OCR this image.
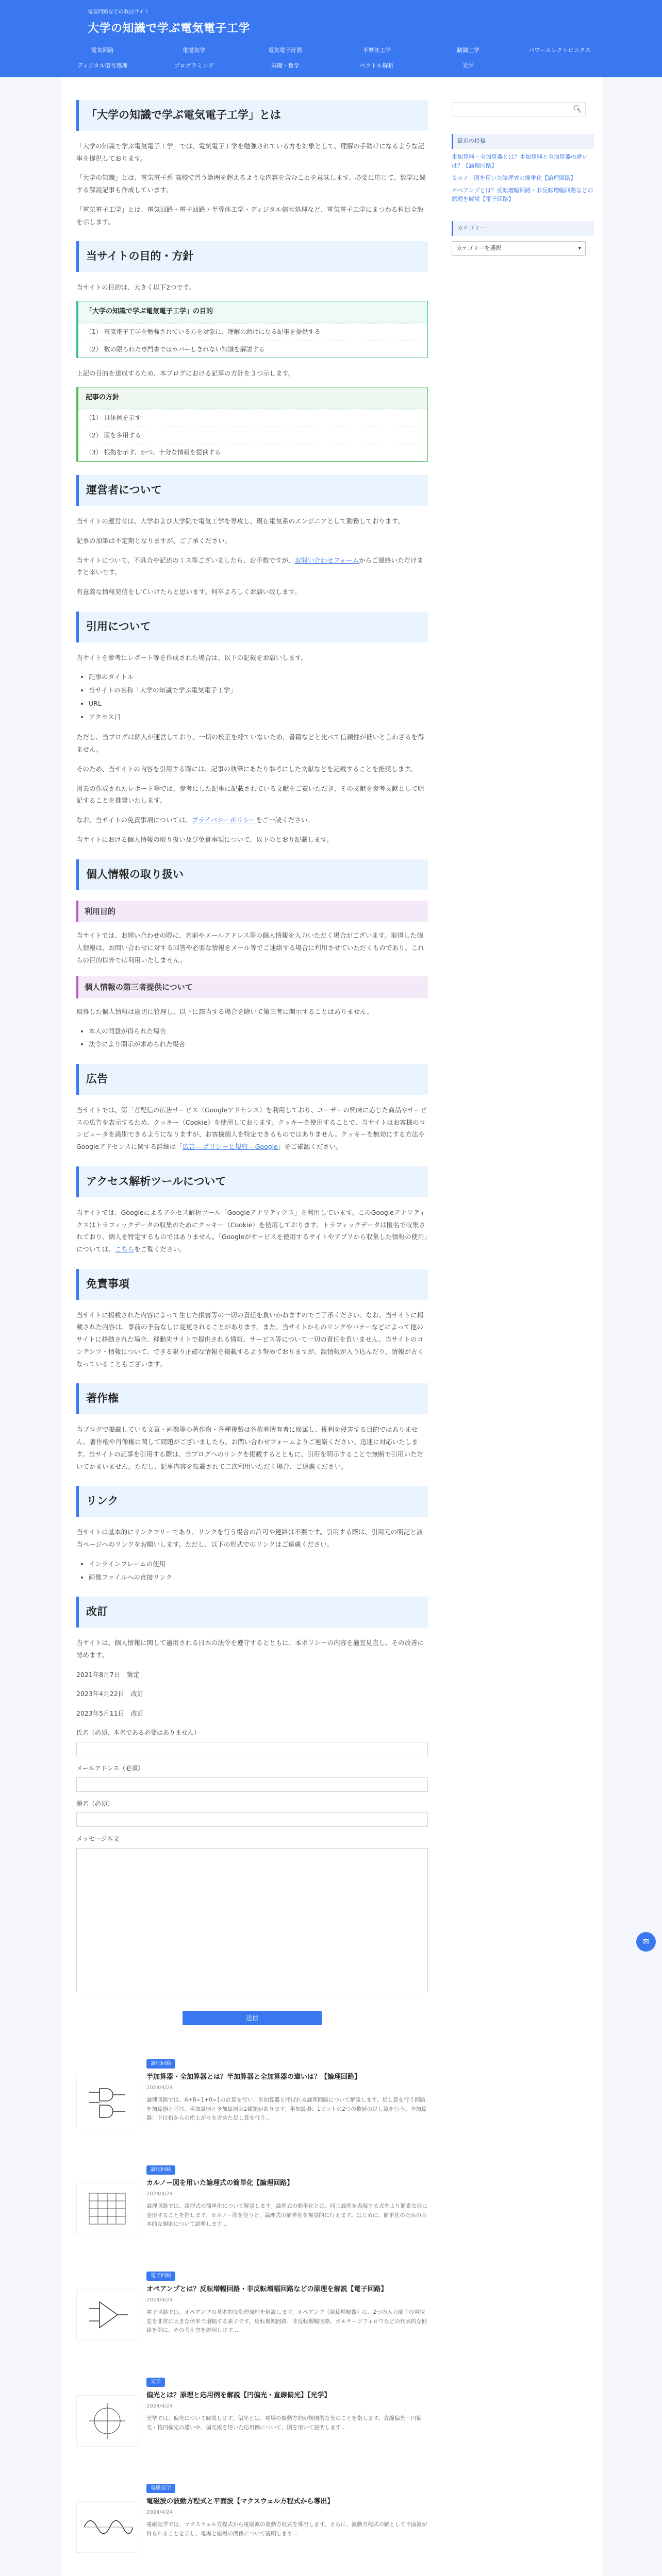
電気回路などの教技サイト
大学の知識で学ぶ電気電子工学
電気回路	電磁気学	電気電子計測	半導体工学	制御工学	パワーエレクトロニクス
ディジタル信号処理	プログラミング	基礎・数学	ベクトル解析	光学
「大学の知識で学ぶ電気電子工学」とは

「大学の知識で学ぶ電気電子工学」では、電気電子工学を勉強されている方を対象として、理解の手助けになるような記事を提供しております。

「大学の知識」とは、電気電子系 高校で習う範囲を超えるような内容を含むことを意味します。必要に応じて、数学に関する解説記事も作成しています。

「電気電子工学」とは、電気回路・電子回路・半導体工学・ディジタル信号処理など、電気電子工学にまつわる科目全般を示します。

当サイトの目的・方針

当サイトの目的は、大きく以下2つです。

「大学の知識で学ぶ電気電子工学」の目的
（1） 電気電子工学を勉強されている方を対象に、理解の助けになる記事を提供する
（2） 数の限られた専門書ではカバーしきれない知識を解説する

上記の目的を達成するため、本ブログにおける記事の方針を３つ示します。

記事の方針
（1） 具体例を示す
（2） 図を多用する
（3） 根拠を示す、かつ、十分な情報を提供する
運営者について

当サイトの運営者は、大学および大学院で電気工学を専攻し、現在電気系のエンジニアとして勤務しております。

記事の加筆は不定期となりますが、ご了承ください。

当サイトについて、不具合や記述のミス等ございましたら、お手数ですが、お問い合わせフォームからご連絡いただけますと幸いです。

有意義な情報発信をしていけたらと思います。何卒よろしくお願い致します。

引用について

当サイトを参考にレポート等を作成された場合は、以下の記載をお願いします。

• 記事のタイトル
• 当サイトの名称「大学の知識で学ぶ電気電子工学」
• URL
• アクセス日

ただし、当ブログは個人が運営しており、一切の校正を経ていないため、書籍などと比べて信頼性が低いと言わざるを得ません。

そのため、当サイトの内容を引用する際には、記事の執筆にあたり参考にした文献などを記載することを推奨します。

図表の作成されたレポート等では、参考にした記事に記載されている文献をご覧いただき、その文献を参考文献として明記することを推奨いたします。

なお、当サイトの免責事項については、プライバシーポリシーをご一読ください。

当サイトにおける個人情報の取り扱い及び免責事項について、以下のとおり記載します。

個人情報の取り扱い
利用目的

当サイトでは、お問い合わせの際に、名前やメールアドレス等の個人情報を入力いただく場合がございます。取得した個人情報は、お問い合わせに対する回答や必要な情報をメール等でご連絡する場合に利用させていただくものであり、これらの目的以外では利用いたしません。

個人情報の第三者提供について

取得した個人情報は適切に管理し、以下に該当する場合を除いて第三者に開示することはありません。

• 本人の同意が得られた場合
• 法令により開示が求められた場合
広告

当サイトでは、第三者配信の広告サービス（Googleアドセンス）を利用しており、ユーザーの興味に応じた商品やサービスの広告を表示するため、クッキー（Cookie）を使用しております。クッキーを使用することで、当サイトはお客様のコンピュータを識別できるようになりますが、お客様個人を特定できるものではありません。クッキーを無効にする方法やGoogleアドセンスに関する詳細は「広告 – ポリシーと規約 – Google」をご確認ください。

アクセス解析ツールについて

当サイトでは、Googleによるアクセス解析ツール「Googleアナリティクス」を利用しています。このGoogleアナリティクスはトラフィックデータの収集のためにクッキー（Cookie）を使用しております。トラフィックデータは匿名で収集されており、個人を特定するものではありません。「Googleがサービスを使用するサイトやアプリから収集した情報の使用」については、こちらをご覧ください。

免責事項

当サイトに掲載された内容によって生じた損害等の一切の責任を負いかねますのでご了承ください。なお、当サイトに掲載された内容は、事前の予告なしに変更されることがあります。また、当サイトからのリンクやバナーなどによって他のサイトに移動された場合、移動先サイトで提供される情報、サービス等について一切の責任を負いません。当サイトのコンテンツ・情報について、できる限り正確な情報を掲載するよう努めておりますが、誤情報が入り込んだり、情報が古くなっていることもございます。

著作権

当ブログで掲載している文章・画像等の著作物・各種複製は各権利所有者に帰属し、権利を侵害する目的ではありません。著作権や肖像権に関して問題がございましたら、お問い合わせフォームよりご連絡ください。迅速に対応いたします。当サイトの記事を引用する際は、当ブログへのリンクを掲載するとともに、引用を明示することで無断で引用いただいてかまいません。ただし、記事内容を転載されて二次利用いただく場合、ご遠慮ください。

リンク

当サイトは基本的にリンクフリーであり、リンクを行う場合の許可や連絡は不要です。引用する際は、引用元の明記と該当ページへのリンクをお願いします。ただし、以下の形式でのリンクはご遠慮ください。

• インラインフレームの使用
• 画像ファイルへの直接リンク
改訂

当サイトは、個人情報に関して適用される日本の法令を遵守するとともに、本ポリシーの内容を適宜見直し、その改善に努めます。

2021年8月7日　策定

2023年4月22日　改訂

2023年5月11日　改訂

氏名（必須、本名である必要はありません）
メールアドレス（必須）
題名（必須）
メッセージ本文
送信
論理回路
半加算器・全加算器とは？半加算器と全加算器の違いは？【論理回路】
2024/4/24
論理回路では、A+B=1+0=1の計算を行い、半加算器と呼ばれる論理回路について解説します。足し算を行う回路を加算器と呼び、半加算器と全加算器の2種類があります。半加算器：1ビットの2つの数値の足し算を行う。全加算器：下位桁からの桁上がりを含めた足し算を行う...
論理回路
カルノー図を用いた論理式の簡単化【論理回路】
2024/4/24
論理回路では、論理式の簡単化について解説します。論理式の簡単化とは、同じ論理を表現する式をより簡素な形に変形することを指します。カルノー図を使うと、論理式の簡単化を視覚的に行えます。はじめに、簡単化のための基本的な規則について説明します...
電子回路
オペアンプとは？反転増幅回路・非反転増幅回路などの原理を解説【電子回路】
2024/4/24
電子回路では、オペアンプの基本的な動作原理を解説します。オペアンプ（演算増幅器）は、2つの入力端子の電位差を非常に大きな倍率で増幅する素子です。反転増幅回路、非反転増幅回路、ボルテージフォロワなどの代表的な回路を例に、その考え方を説明します...
光学
偏光とは？原理と応用例を解説【円偏光・直線偏光】【光学】
2024/4/24
光学では、偏光について解説します。偏光とは、電場の振動方向が規則的な光のことを指します。直線偏光・円偏光・楕円偏光の違いや、偏光板を用いた応用例について、図を用いて説明します...
電磁気学
電磁波の波動方程式と平面波【マクスウェル方程式から導出】
2024/4/24
電磁気学では、マクスウェル方程式から電磁波の波動方程式を導出します。さらに、波動方程式の解として平面波が得られることを示し、電場と磁場の関係について説明します...
🔍︎
最近の投稿
半加算器・全加算器とは？半加算器と全加算器の違いは？【論理回路】
カルノー図を用いた論理式の簡単化【論理回路】
オペアンプとは？反転増幅回路・非反転増幅回路などの原理を解説【電子回路】
カテゴリー
カテゴリーを選択	▾
✉
